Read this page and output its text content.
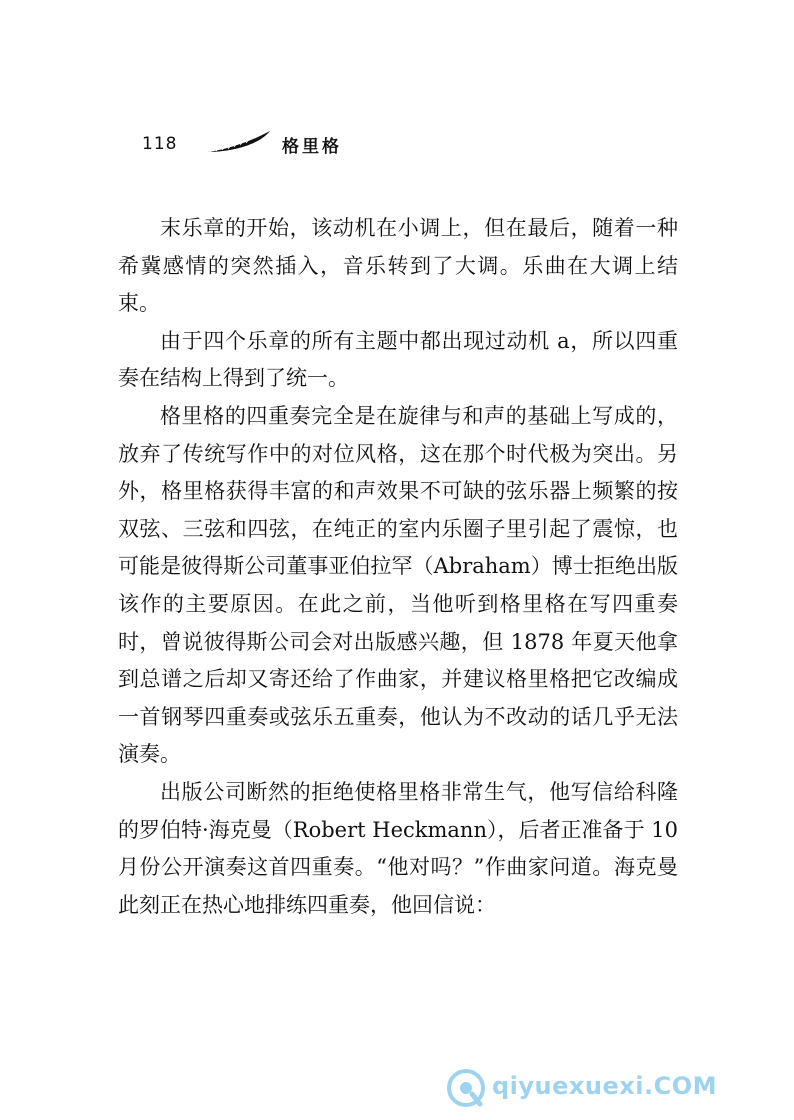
118	格里格

末乐章的开始，该动机在小调上，但在最后，随着一种希冀感情的突然插入，音乐转到了大调。乐曲在大调上结束。

由于四个乐章的所有主题中都出现过动机 a，所以四重奏在结构上得到了统一。

格里格的四重奏完全是在旋律与和声的基础上写成的，放弃了传统写作中的对位风格，这在那个时代极为突出。另外，格里格获得丰富的和声效果不可缺的弦乐器上频繁的按双弦、三弦和四弦，在纯正的室内乐圈子里引起了震惊，也可能是彼得斯公司董事亚伯拉罕（Abraham）博士拒绝出版该作的主要原因。在此之前，当他听到格里格在写四重奏时，曾说彼得斯公司会对出版感兴趣，但 1878 年夏天他拿到总谱之后却又寄还给了作曲家，并建议格里格把它改编成一首钢琴四重奏或弦乐五重奏，他认为不改动的话几乎无法演奏。

出版公司断然的拒绝使格里格非常生气，他写信给科隆的罗伯特·海克曼（Robert Heckmann），后者正准备于 10 月份公开演奏这首四重奏。“他对吗？”作曲家问道。海克曼此刻正在热心地排练四重奏，他回信说：

qiyuexuexi.COM
